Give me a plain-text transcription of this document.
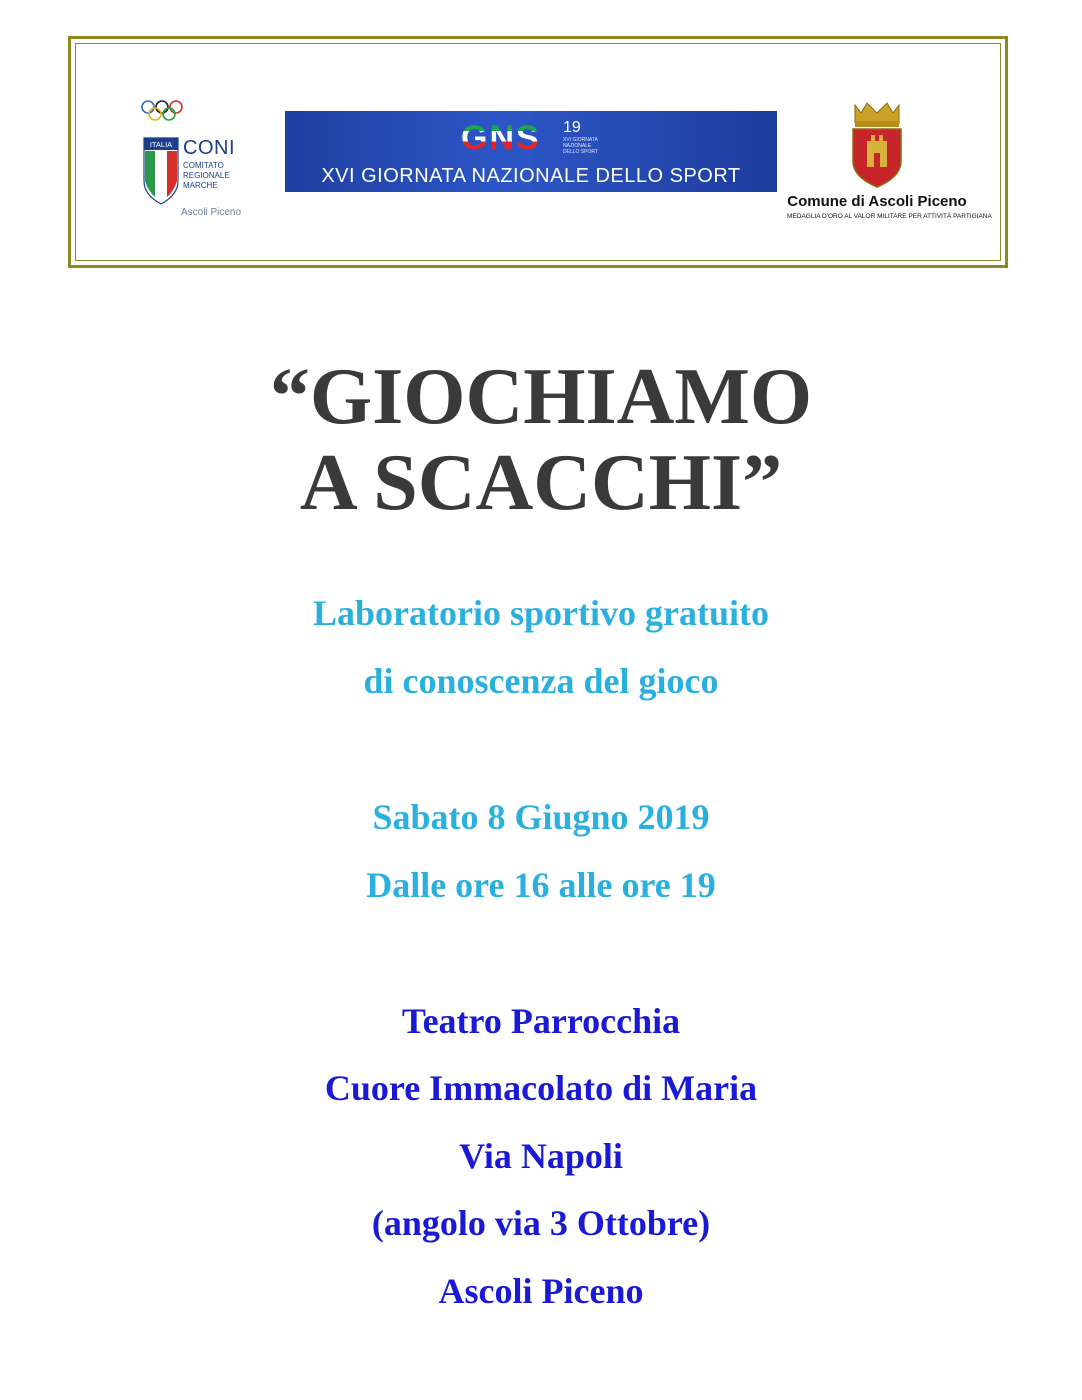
ITALIA CONI
COMITATO REGIONALE MARCHE
Ascoli Piceno
GNS 19
XVI GIORNATA NAZIONALE DELLO SPORT
XVI GIORNATA NAZIONALE DELLO SPORT
Comune di Ascoli Piceno
MEDAGLIA D'ORO AL VALOR MILITARE PER ATTIVITÀ PARTIGIANA
“GIOCHIAMO
A SCACCHI”
Laboratorio sportivo gratuito
di conoscenza del gioco
Sabato 8 Giugno 2019
Dalle ore 16 alle ore 19
Teatro Parrocchia
Cuore Immacolato di Maria
Via Napoli
(angolo via 3 Ottobre)
Ascoli Piceno
